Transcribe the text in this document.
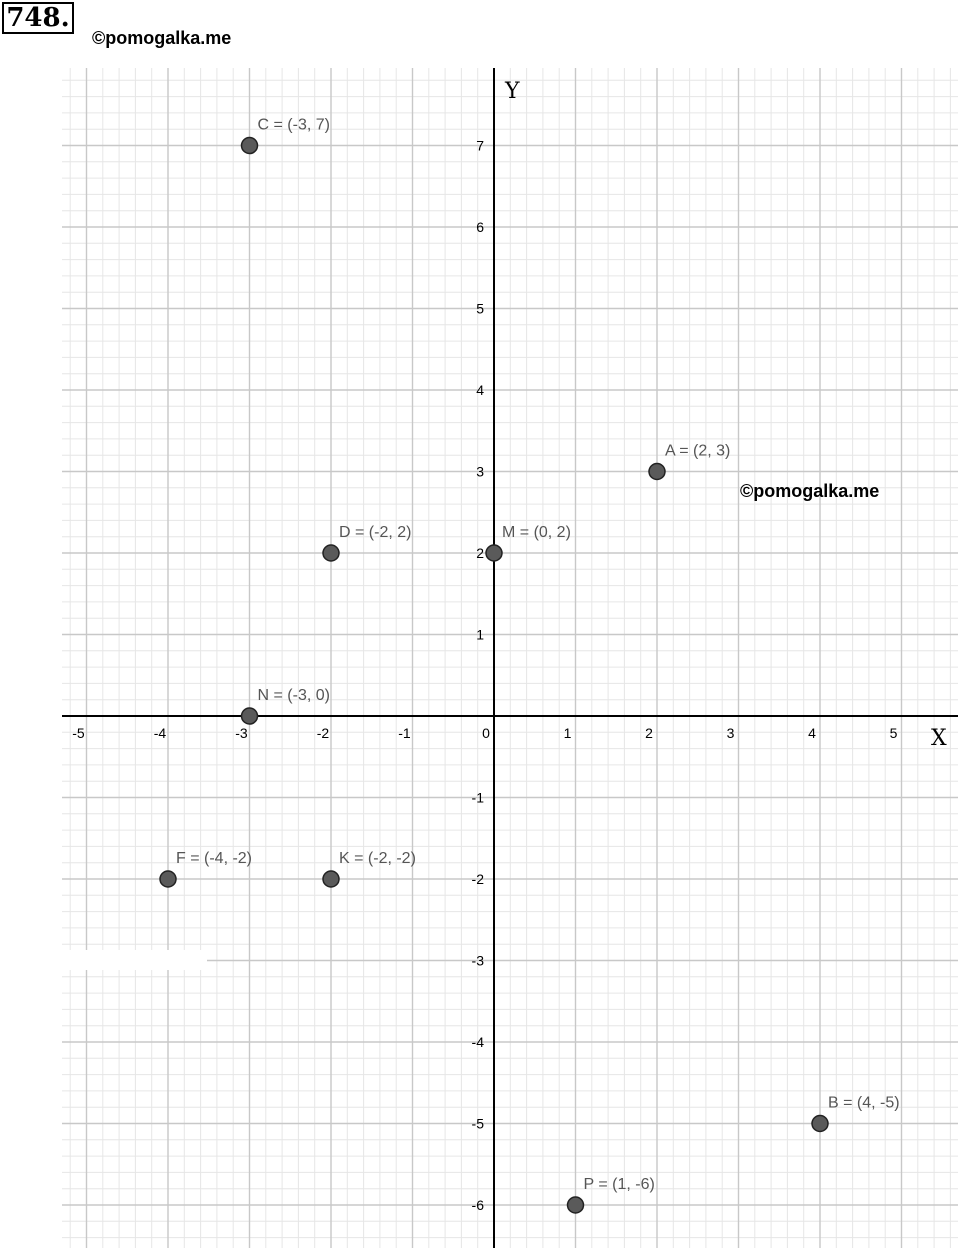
748.
©pomogalka.me
-5	-4	-3	-2	-1	0	1	2	3	4	5
-6
-5
-4
-3
-2
-1
1
2
3
4
5
6
7
X
Y
C = (-3, 7)
A = (2, 3)
D = (-2, 2)	M = (0, 2)
N = (-3, 0)
F = (-4, -2)	K = (-2, -2)
B = (4, -5)
P = (1, -6)
©pomogalka.me
